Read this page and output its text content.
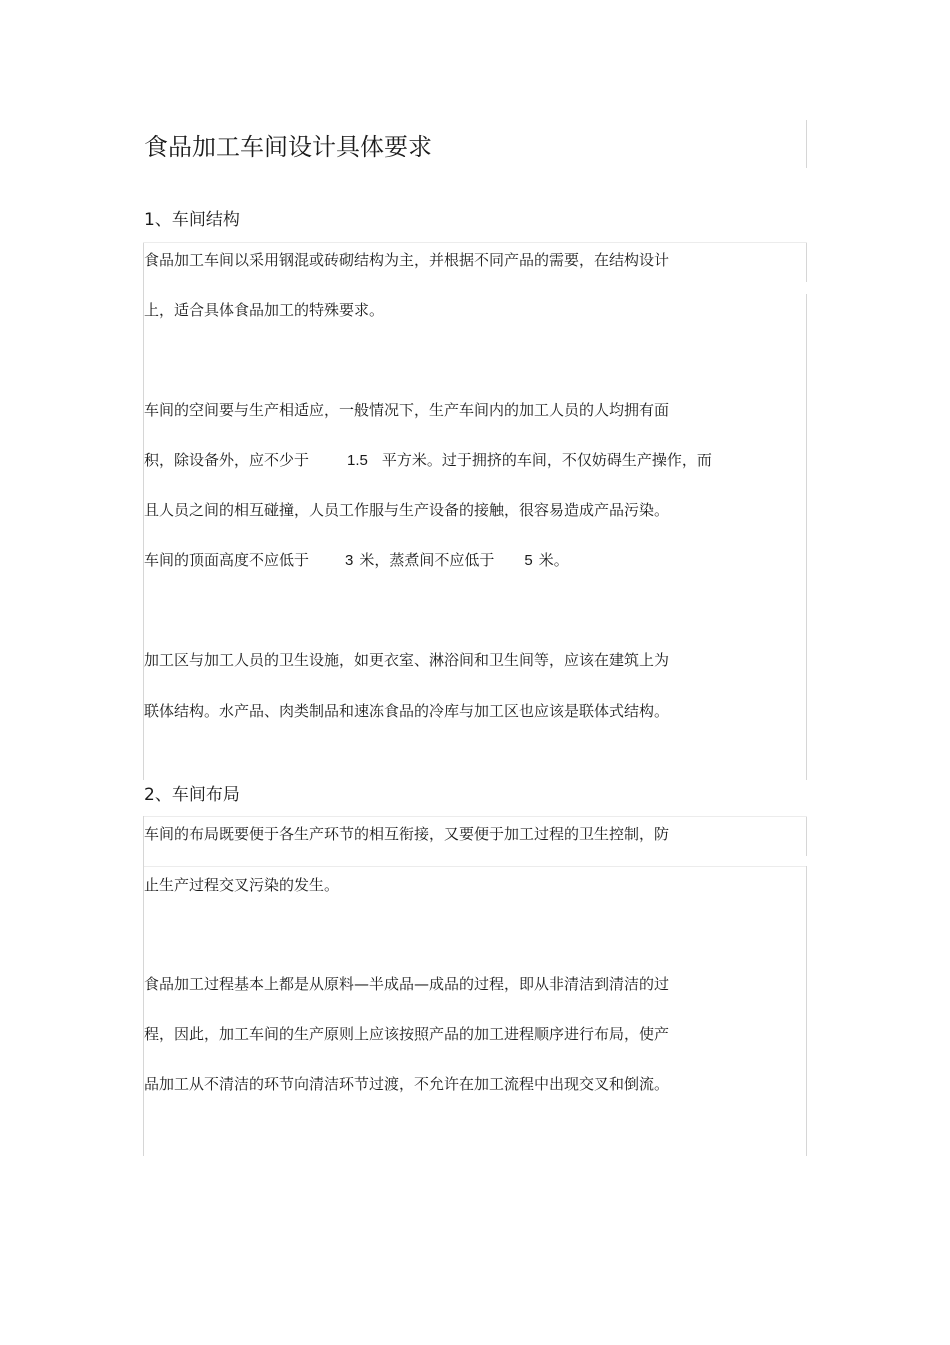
食品加工车间设计具体要求
1、车间结构
食品加工车间以采用钢混或砖砌结构为主，并根据不同产品的需要，在结构设计
上，适合具体食品加工的特殊要求。
车间的空间要与生产相适应，一般情况下，生产车间内的加工人员的人均拥有面
积，除设备外，应不少于	1.5 平方米。过于拥挤的车间，不仅妨碍生产操作，而
且人员之间的相互碰撞，人员工作服与生产设备的接触，很容易造成产品污染。
车间的顶面高度不应低于 3 米，蒸煮间不应低于 5 米。
加工区与加工人员的卫生设施，如更衣室、淋浴间和卫生间等，应该在建筑上为
联体结构。水产品、肉类制品和速冻食品的冷库与加工区也应该是联体式结构。
2、车间布局
车间的布局既要便于各生产环节的相互衔接，又要便于加工过程的卫生控制，防
止生产过程交叉污染的发生。
食品加工过程基本上都是从原料—半成品—成品的过程，即从非清洁到清洁的过
程，因此，加工车间的生产原则上应该按照产品的加工进程顺序进行布局，使产
品加工从不清洁的环节向清洁环节过渡，不允许在加工流程中出现交叉和倒流。
